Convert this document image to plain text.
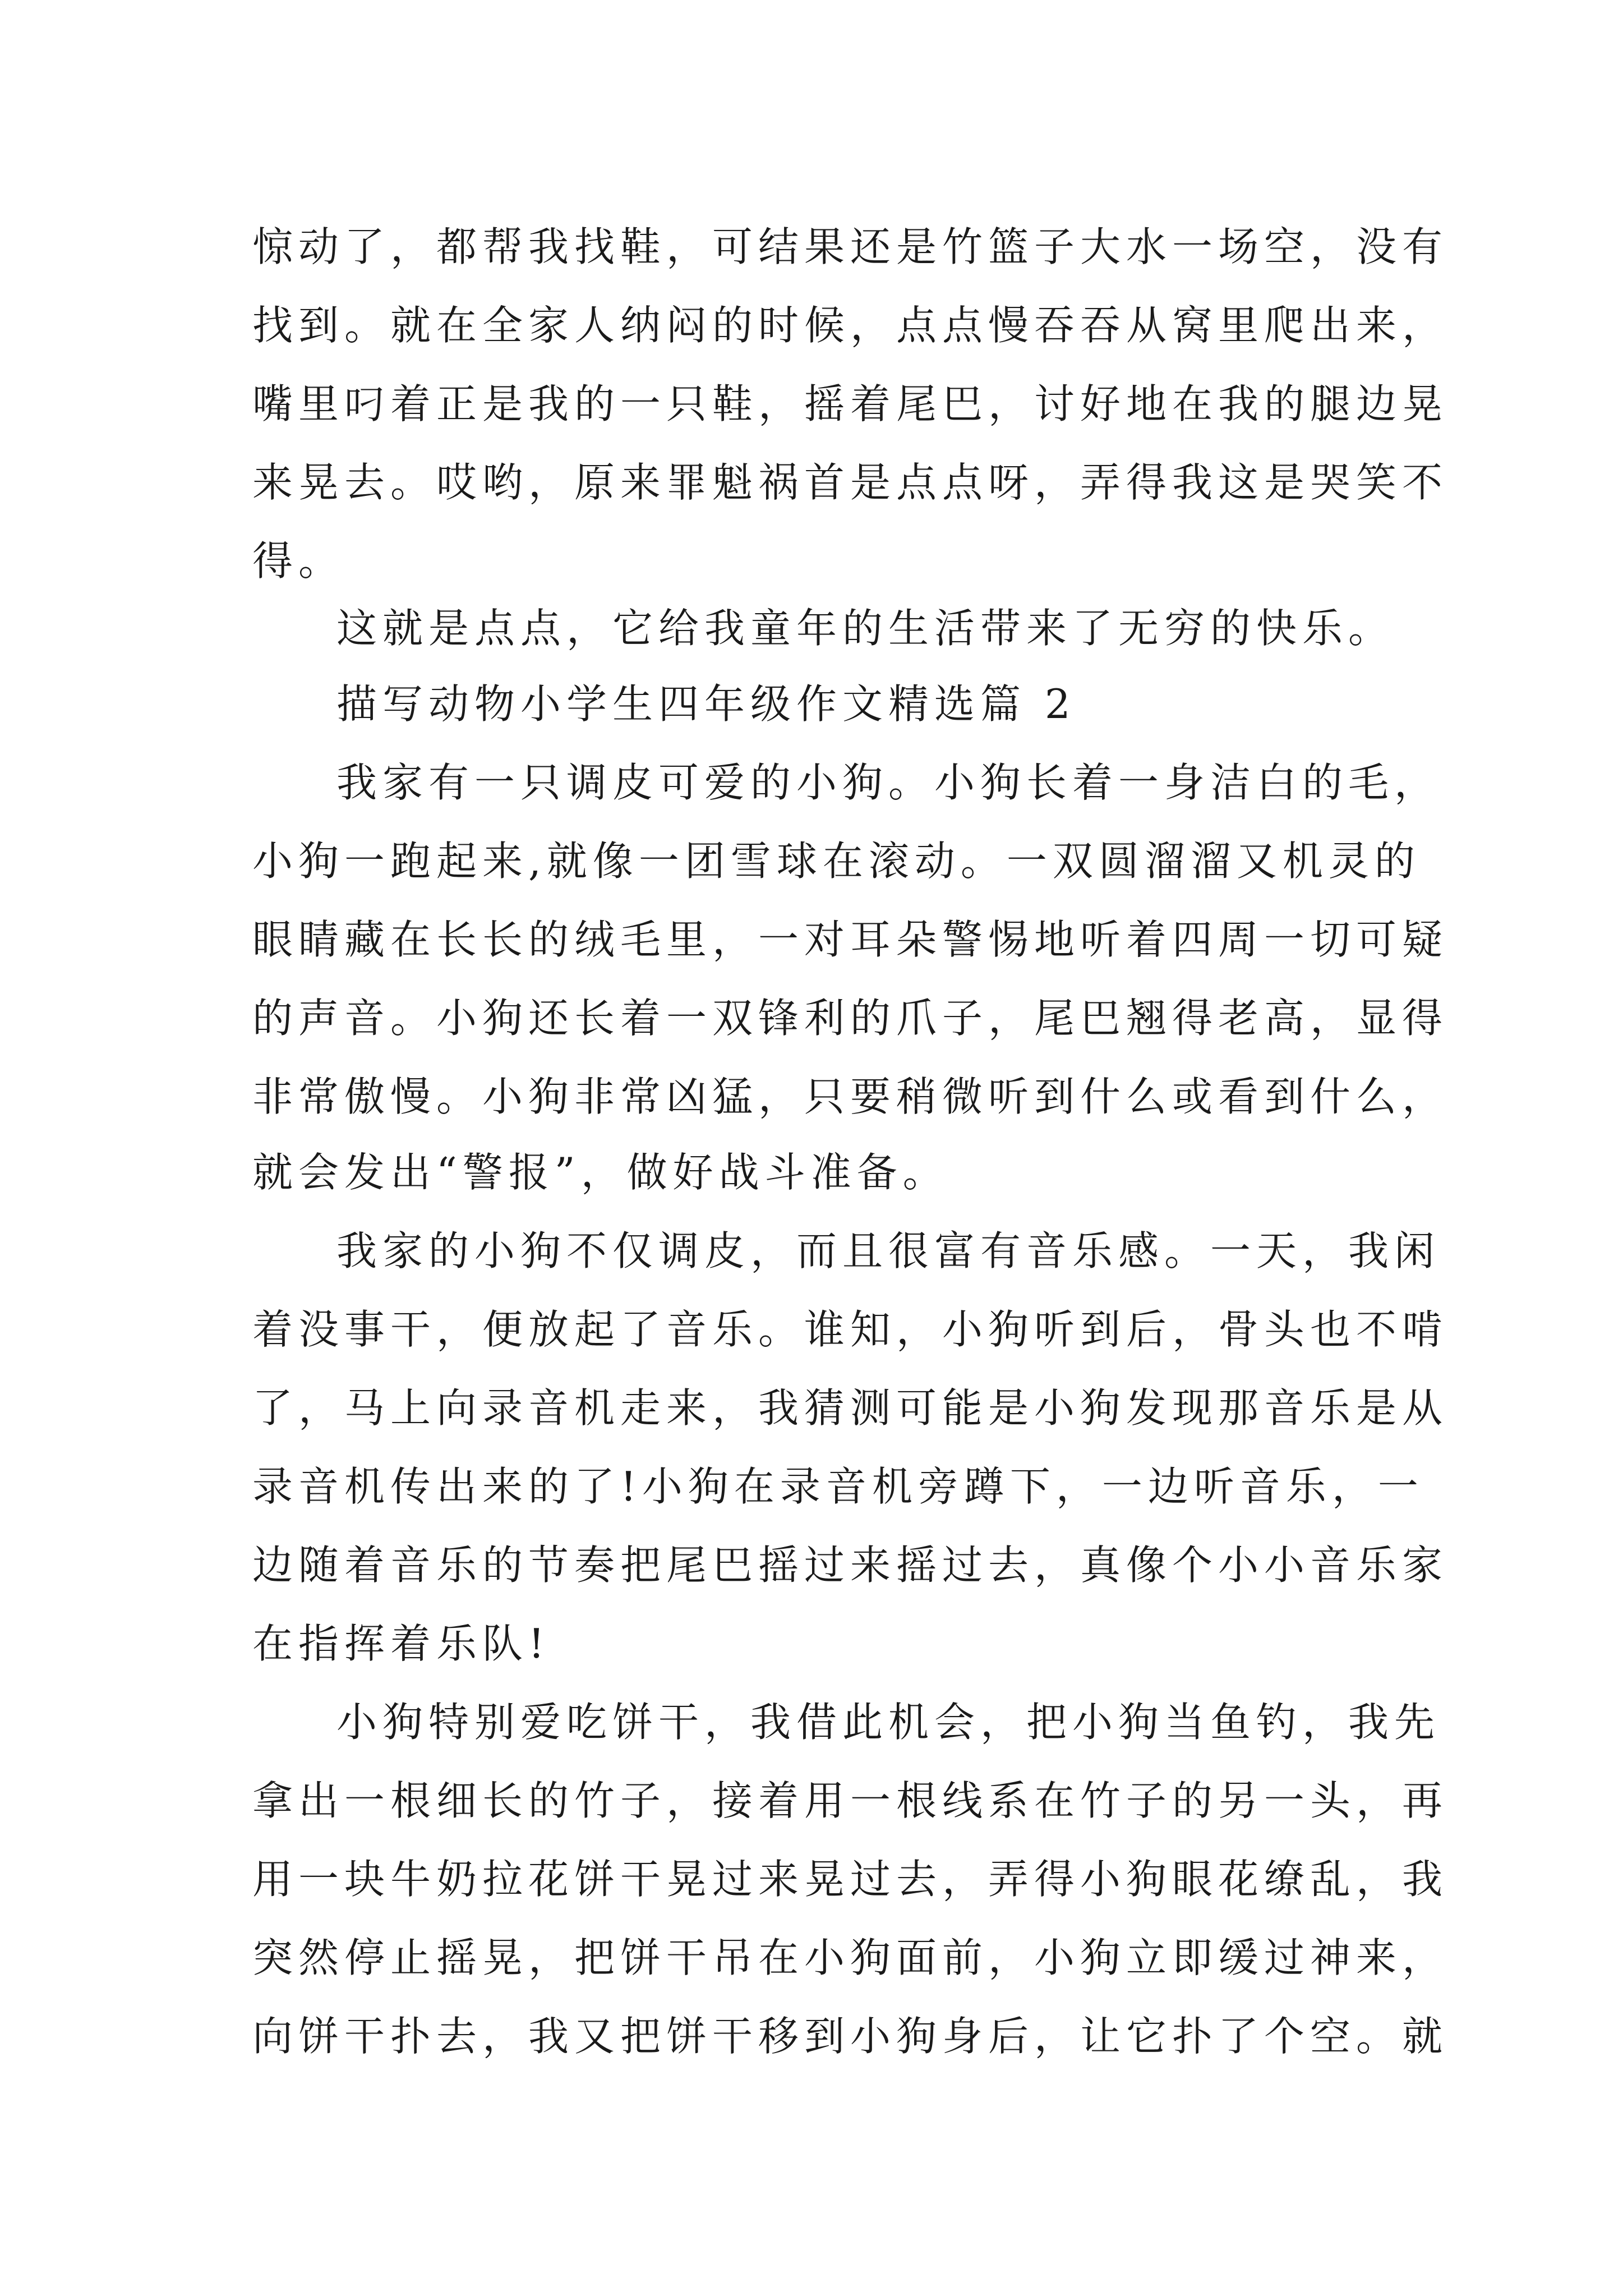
惊动了，都帮我找鞋，可结果还是竹篮子大水一场空，没有

找到。就在全家人纳闷的时候，点点慢吞吞从窝里爬出来，

嘴里叼着正是我的一只鞋，摇着尾巴，讨好地在我的腿边晃

来晃去。哎哟，原来罪魁祸首是点点呀，弄得我这是哭笑不

得。

这就是点点，它给我童年的生活带来了无穷的快乐。

描写动物小学生四年级作文精选篇 2

我家有一只调皮可爱的小狗。小狗长着一身洁白的毛，

小狗一跑起来,就像一团雪球在滚动。一双圆溜溜又机灵的

眼睛藏在长长的绒毛里，一对耳朵警惕地听着四周一切可疑

的声音。小狗还长着一双锋利的爪子，尾巴翘得老高，显得

非常傲慢。小狗非常凶猛，只要稍微听到什么或看到什么，

就会发出“警报”，做好战斗准备。

我家的小狗不仅调皮，而且很富有音乐感。一天，我闲

着没事干，便放起了音乐。谁知，小狗听到后，骨头也不啃

了，马上向录音机走来，我猜测可能是小狗发现那音乐是从

录音机传出来的了!小狗在录音机旁蹲下，一边听音乐，一

边随着音乐的节奏把尾巴摇过来摇过去，真像个小小音乐家

在指挥着乐队!

小狗特别爱吃饼干，我借此机会，把小狗当鱼钓，我先

拿出一根细长的竹子，接着用一根线系在竹子的另一头，再

用一块牛奶拉花饼干晃过来晃过去，弄得小狗眼花缭乱，我

突然停止摇晃，把饼干吊在小狗面前，小狗立即缓过神来，

向饼干扑去，我又把饼干移到小狗身后，让它扑了个空。就
